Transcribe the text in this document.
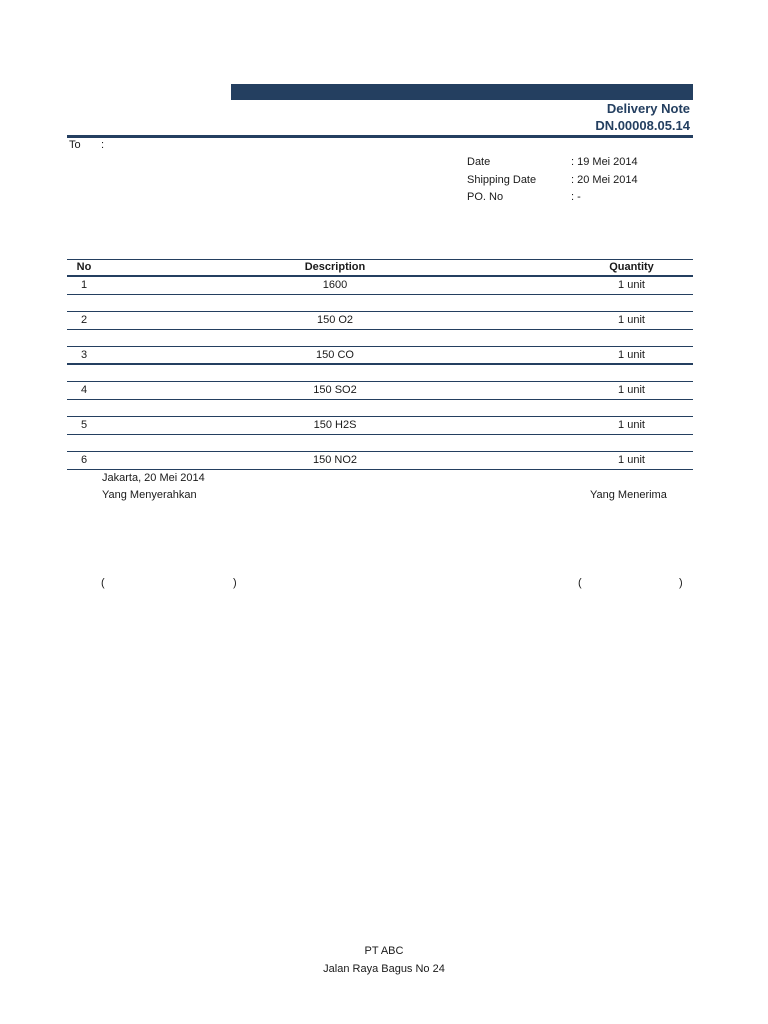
Delivery Note
DN.00008.05.14
To :
Date	: 19 Mei 2014
Shipping Date	: 20 Mei 2014
PO. No	: -
No	Description	Quantity
1	1600	1 unit
2	150 O2	1 unit
3	150 CO	1 unit
4	150 SO2	1 unit
5	150 H2S	1 unit
6	150 NO2	1 unit
Jakarta, 20 Mei 2014
Yang Menyerahkan	Yang Menerima
(	)	(	)
PT ABC
Jalan Raya Bagus No 24
